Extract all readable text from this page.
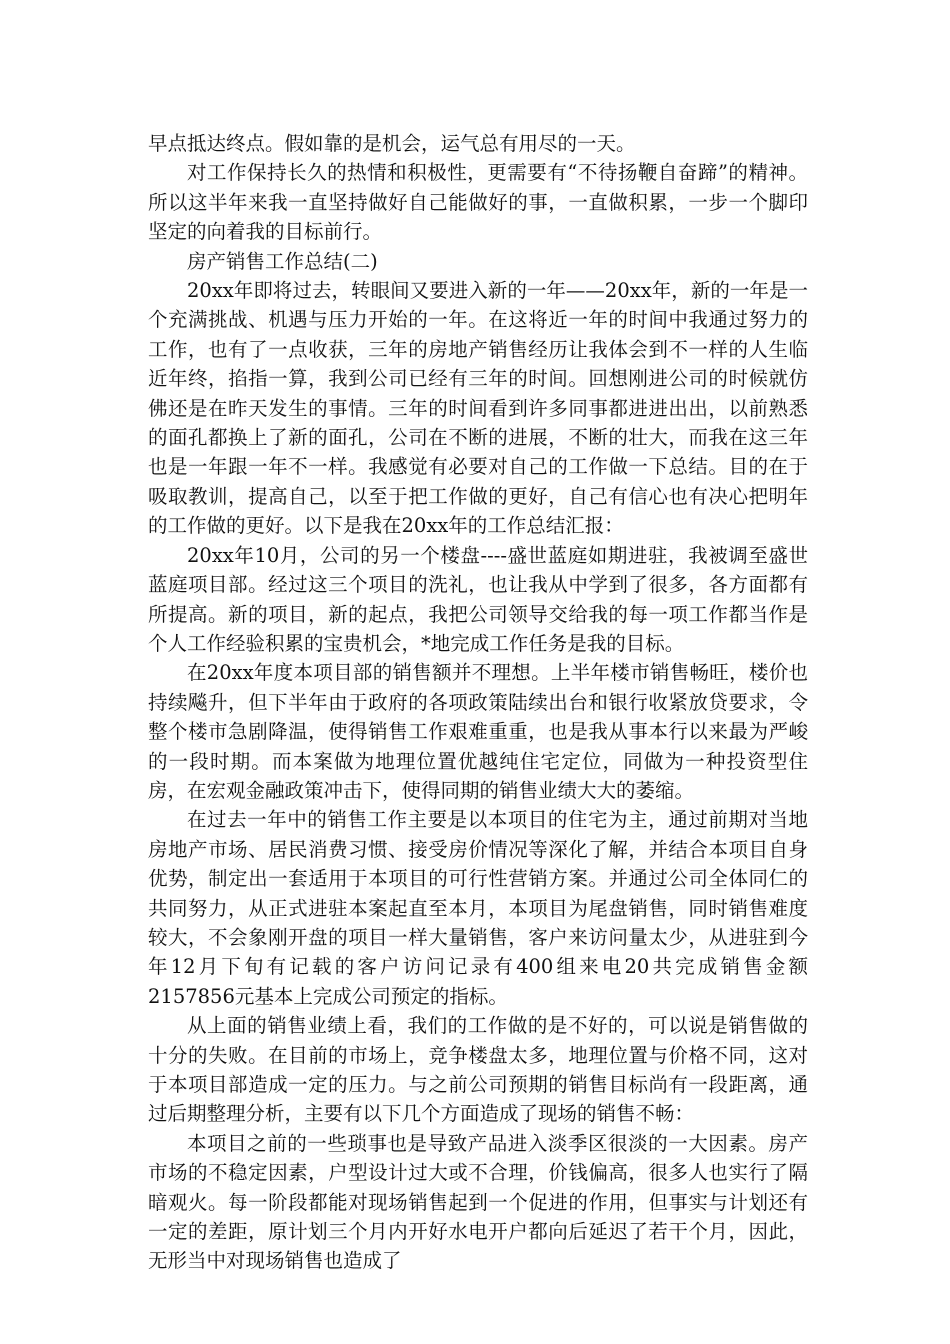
早点抵达终点。假如靠的是机会，运气总有用尽的一天。

对工作保持长久的热情和积极性，更需要有“不待扬鞭自奋蹄”的精神。所以这半年来我一直坚持做好自己能做好的事，一直做积累，一步一个脚印坚定的向着我的目标前行。

房产销售工作总结(二)

20xx年即将过去，转眼间又要进入新的一年——20xx年，新的一年是一个充满挑战、机遇与压力开始的一年。在这将近一年的时间中我通过努力的工作，也有了一点收获，三年的房地产销售经历让我体会到不一样的人生临近年终，掐指一算，我到公司已经有三年的时间。回想刚进公司的时候就仿佛还是在昨天发生的事情。三年的时间看到许多同事都进进出出，以前熟悉的面孔都换上了新的面孔，公司在不断的进展，不断的壮大，而我在这三年也是一年跟一年不一样。我感觉有必要对自己的工作做一下总结。目的在于吸取教训，提高自己，以至于把工作做的更好，自己有信心也有决心把明年的工作做的更好。以下是我在20xx年的工作总结汇报：

20xx年10月，公司的另一个楼盘----盛世蓝庭如期进驻，我被调至盛世蓝庭项目部。经过这三个项目的洗礼，也让我从中学到了很多，各方面都有所提高。新的项目，新的起点，我把公司领导交给我的每一项工作都当作是个人工作经验积累的宝贵机会，*地完成工作任务是我的目标。

在20xx年度本项目部的销售额并不理想。上半年楼市销售畅旺，楼价也持续飚升，但下半年由于政府的各项政策陆续出台和银行收紧放贷要求，令整个楼市急剧降温，使得销售工作艰难重重，也是我从事本行以来最为严峻的一段时期。而本案做为地理位置优越纯住宅定位，同做为一种投资型住房，在宏观金融政策冲击下，使得同期的销售业绩大大的萎缩。

在过去一年中的销售工作主要是以本项目的住宅为主，通过前期对当地房地产市场、居民消费习惯、接受房价情况等深化了解，并结合本项目自身优势，制定出一套适用于本项目的可行性营销方案。并通过公司全体同仁的共同努力，从正式进驻本案起直至本月，本项目为尾盘销售，同时销售难度较大，不会象刚开盘的项目一样大量销售，客户来访问量太少，从进驻到今年12月下旬有记载的客户访问记录有400组来电20共完成销售金额2157856元基本上完成公司预定的指标。

从上面的销售业绩上看，我们的工作做的是不好的，可以说是销售做的十分的失败。在目前的市场上，竞争楼盘太多，地理位置与价格不同，这对于本项目部造成一定的压力。与之前公司预期的销售目标尚有一段距离，通过后期整理分析，主要有以下几个方面造成了现场的销售不畅：

本项目之前的一些琐事也是导致产品进入淡季区很淡的一大因素。房产市场的不稳定因素，户型设计过大或不合理，价钱偏高，很多人也实行了隔暗观火。每一阶段都能对现场销售起到一个促进的作用，但事实与计划还有一定的差距，原计划三个月内开好水电开户都向后延迟了若干个月，因此，无形当中对现场销售也造成了
